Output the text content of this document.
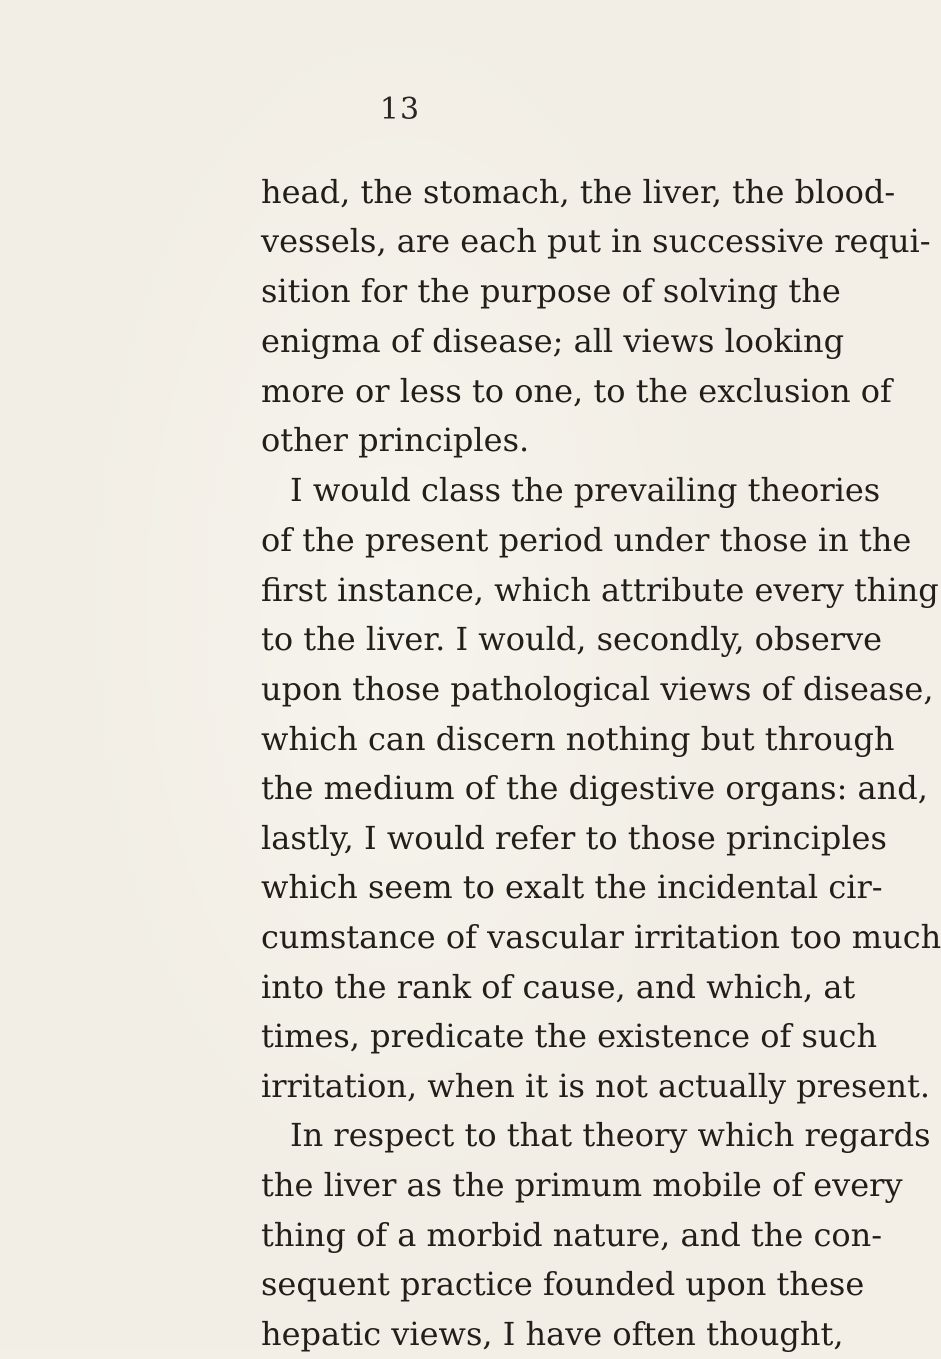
13
head, the stomach, the liver, the blood-
vessels, are each put in successive requi-
sition for the purpose of solving the
enigma of disease; all views looking
more or less to one, to the exclusion of
other principles.
I would class the prevailing theories
of the present period under those in the
first instance, which attribute every thing
to the liver. I would, secondly, observe
upon those pathological views of disease,
which can discern nothing but through
the medium of the digestive organs: and,
lastly, I would refer to those principles
which seem to exalt the incidental cir-
cumstance of vascular irritation too much
into the rank of cause, and which, at
times, predicate the existence of such
irritation, when it is not actually present.
In respect to that theory which regards
the liver as the primum mobile of every
thing of a morbid nature, and the con-
sequent practice founded upon these
hepatic views, I have often thought,
